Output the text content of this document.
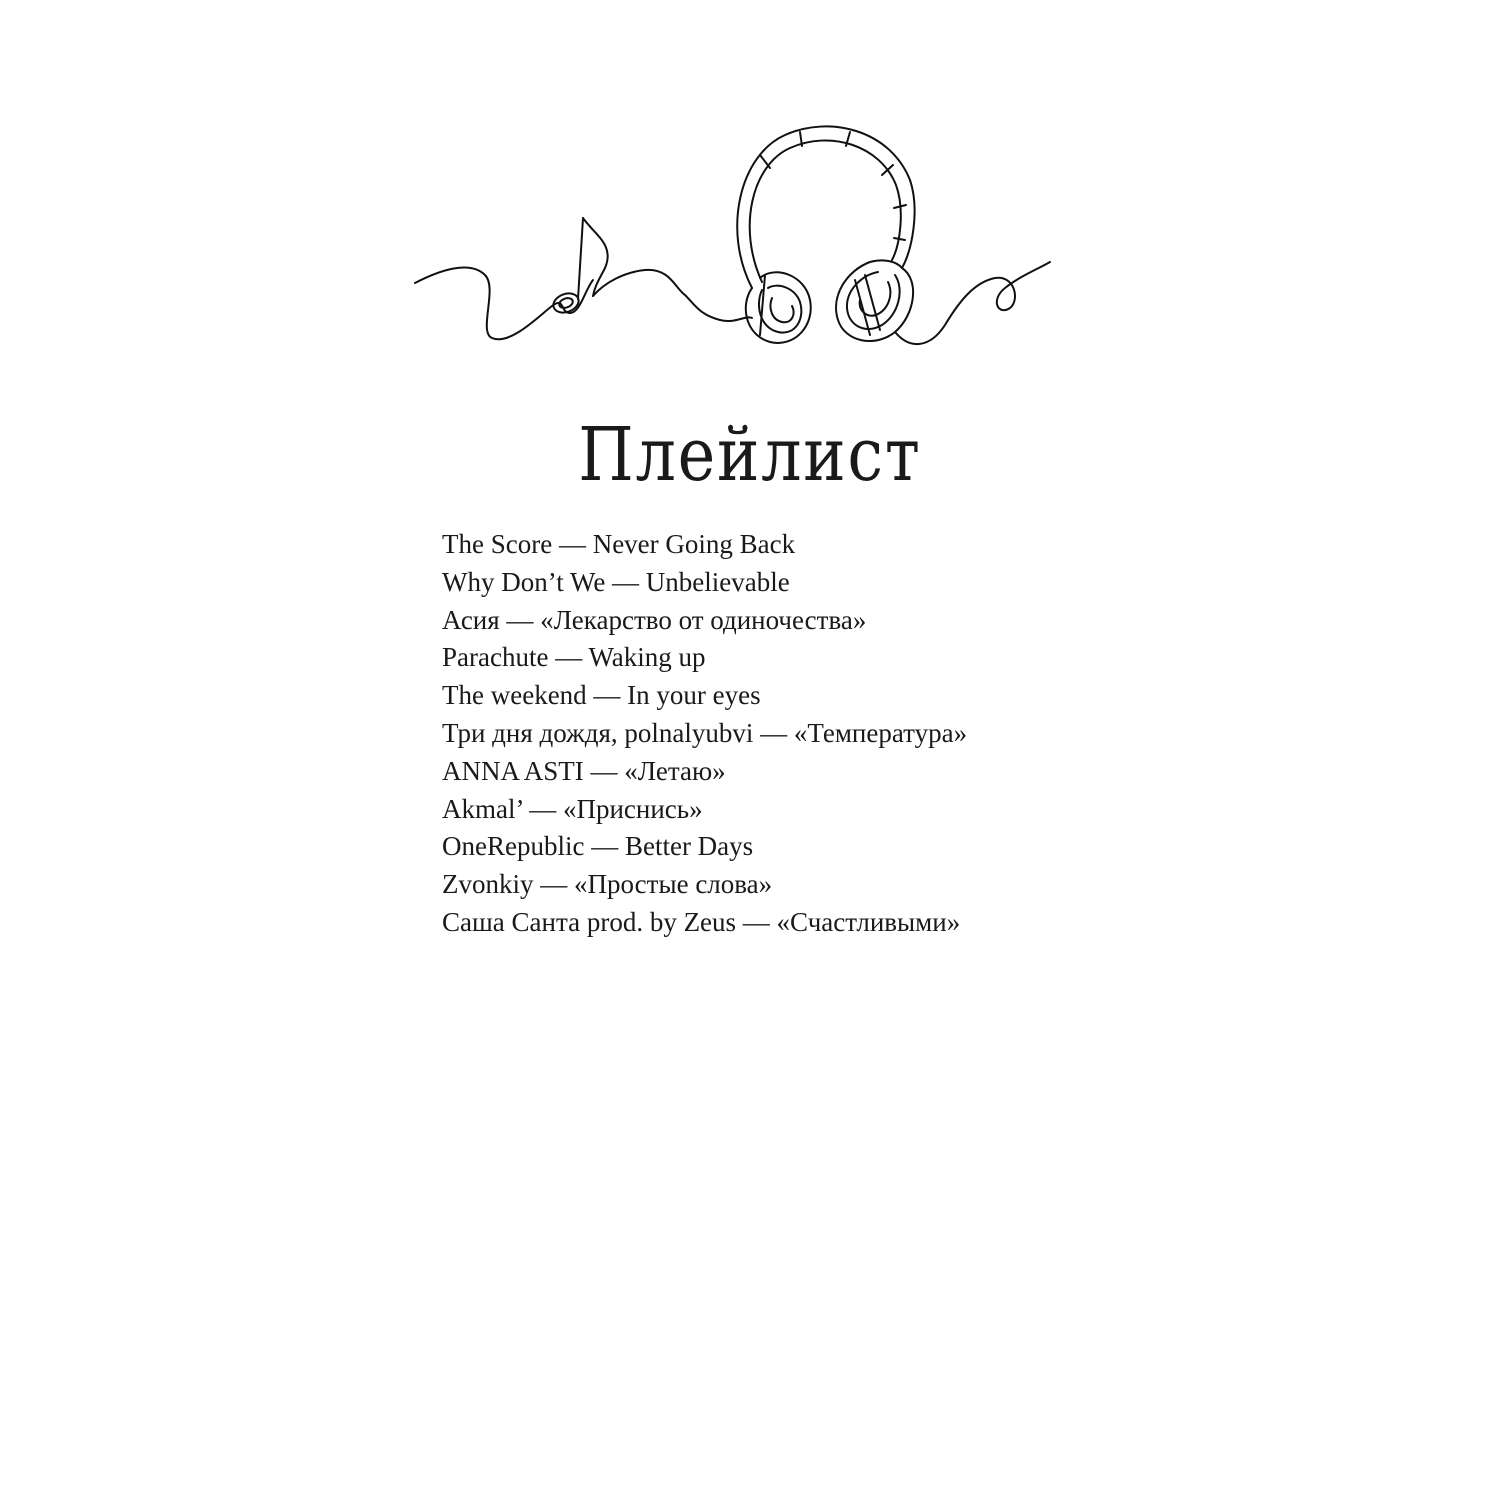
Плейлист
The Score — Never Going Back
Why Don’t We — Unbelievable
Асия — «Лекарство от одиночества»
Parachute — Waking up
The weekend — In your eyes
Три дня дождя, polnalyubvi — «Температура»
ANNA ASTI — «Летаю»
Akmal’ — «Приснись»
OneRepublic — Better Days
Zvonkiy — «Простые слова»
Саша Санта prod. by Zeus — «Счастливыми»
